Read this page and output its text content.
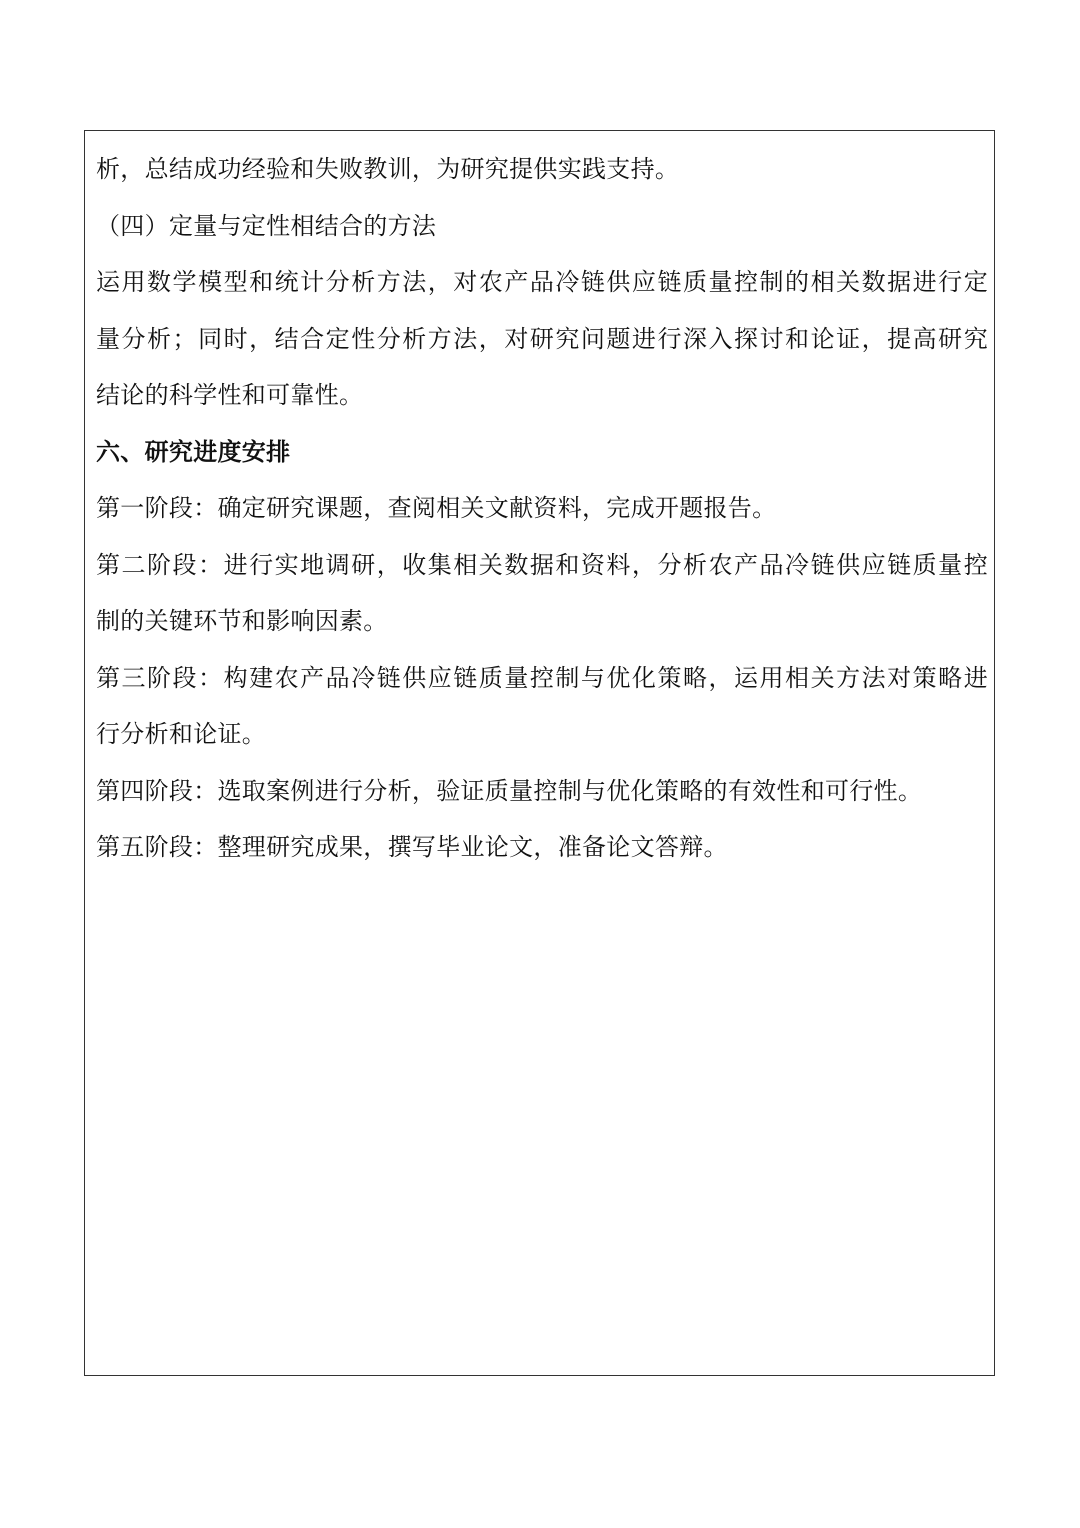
析，总结成功经验和失败教训，为研究提供实践支持。
（四）定量与定性相结合的方法
运用数学模型和统计分析方法，对农产品冷链供应链质量控制的相关数据进行定
量分析；同时，结合定性分析方法，对研究问题进行深入探讨和论证，提高研究
结论的科学性和可靠性。
六、研究进度安排
第一阶段：确定研究课题，查阅相关文献资料，完成开题报告。
第二阶段：进行实地调研，收集相关数据和资料，分析农产品冷链供应链质量控
制的关键环节和影响因素。
第三阶段：构建农产品冷链供应链质量控制与优化策略，运用相关方法对策略进
行分析和论证。
第四阶段：选取案例进行分析，验证质量控制与优化策略的有效性和可行性。
第五阶段：整理研究成果，撰写毕业论文，准备论文答辩。
